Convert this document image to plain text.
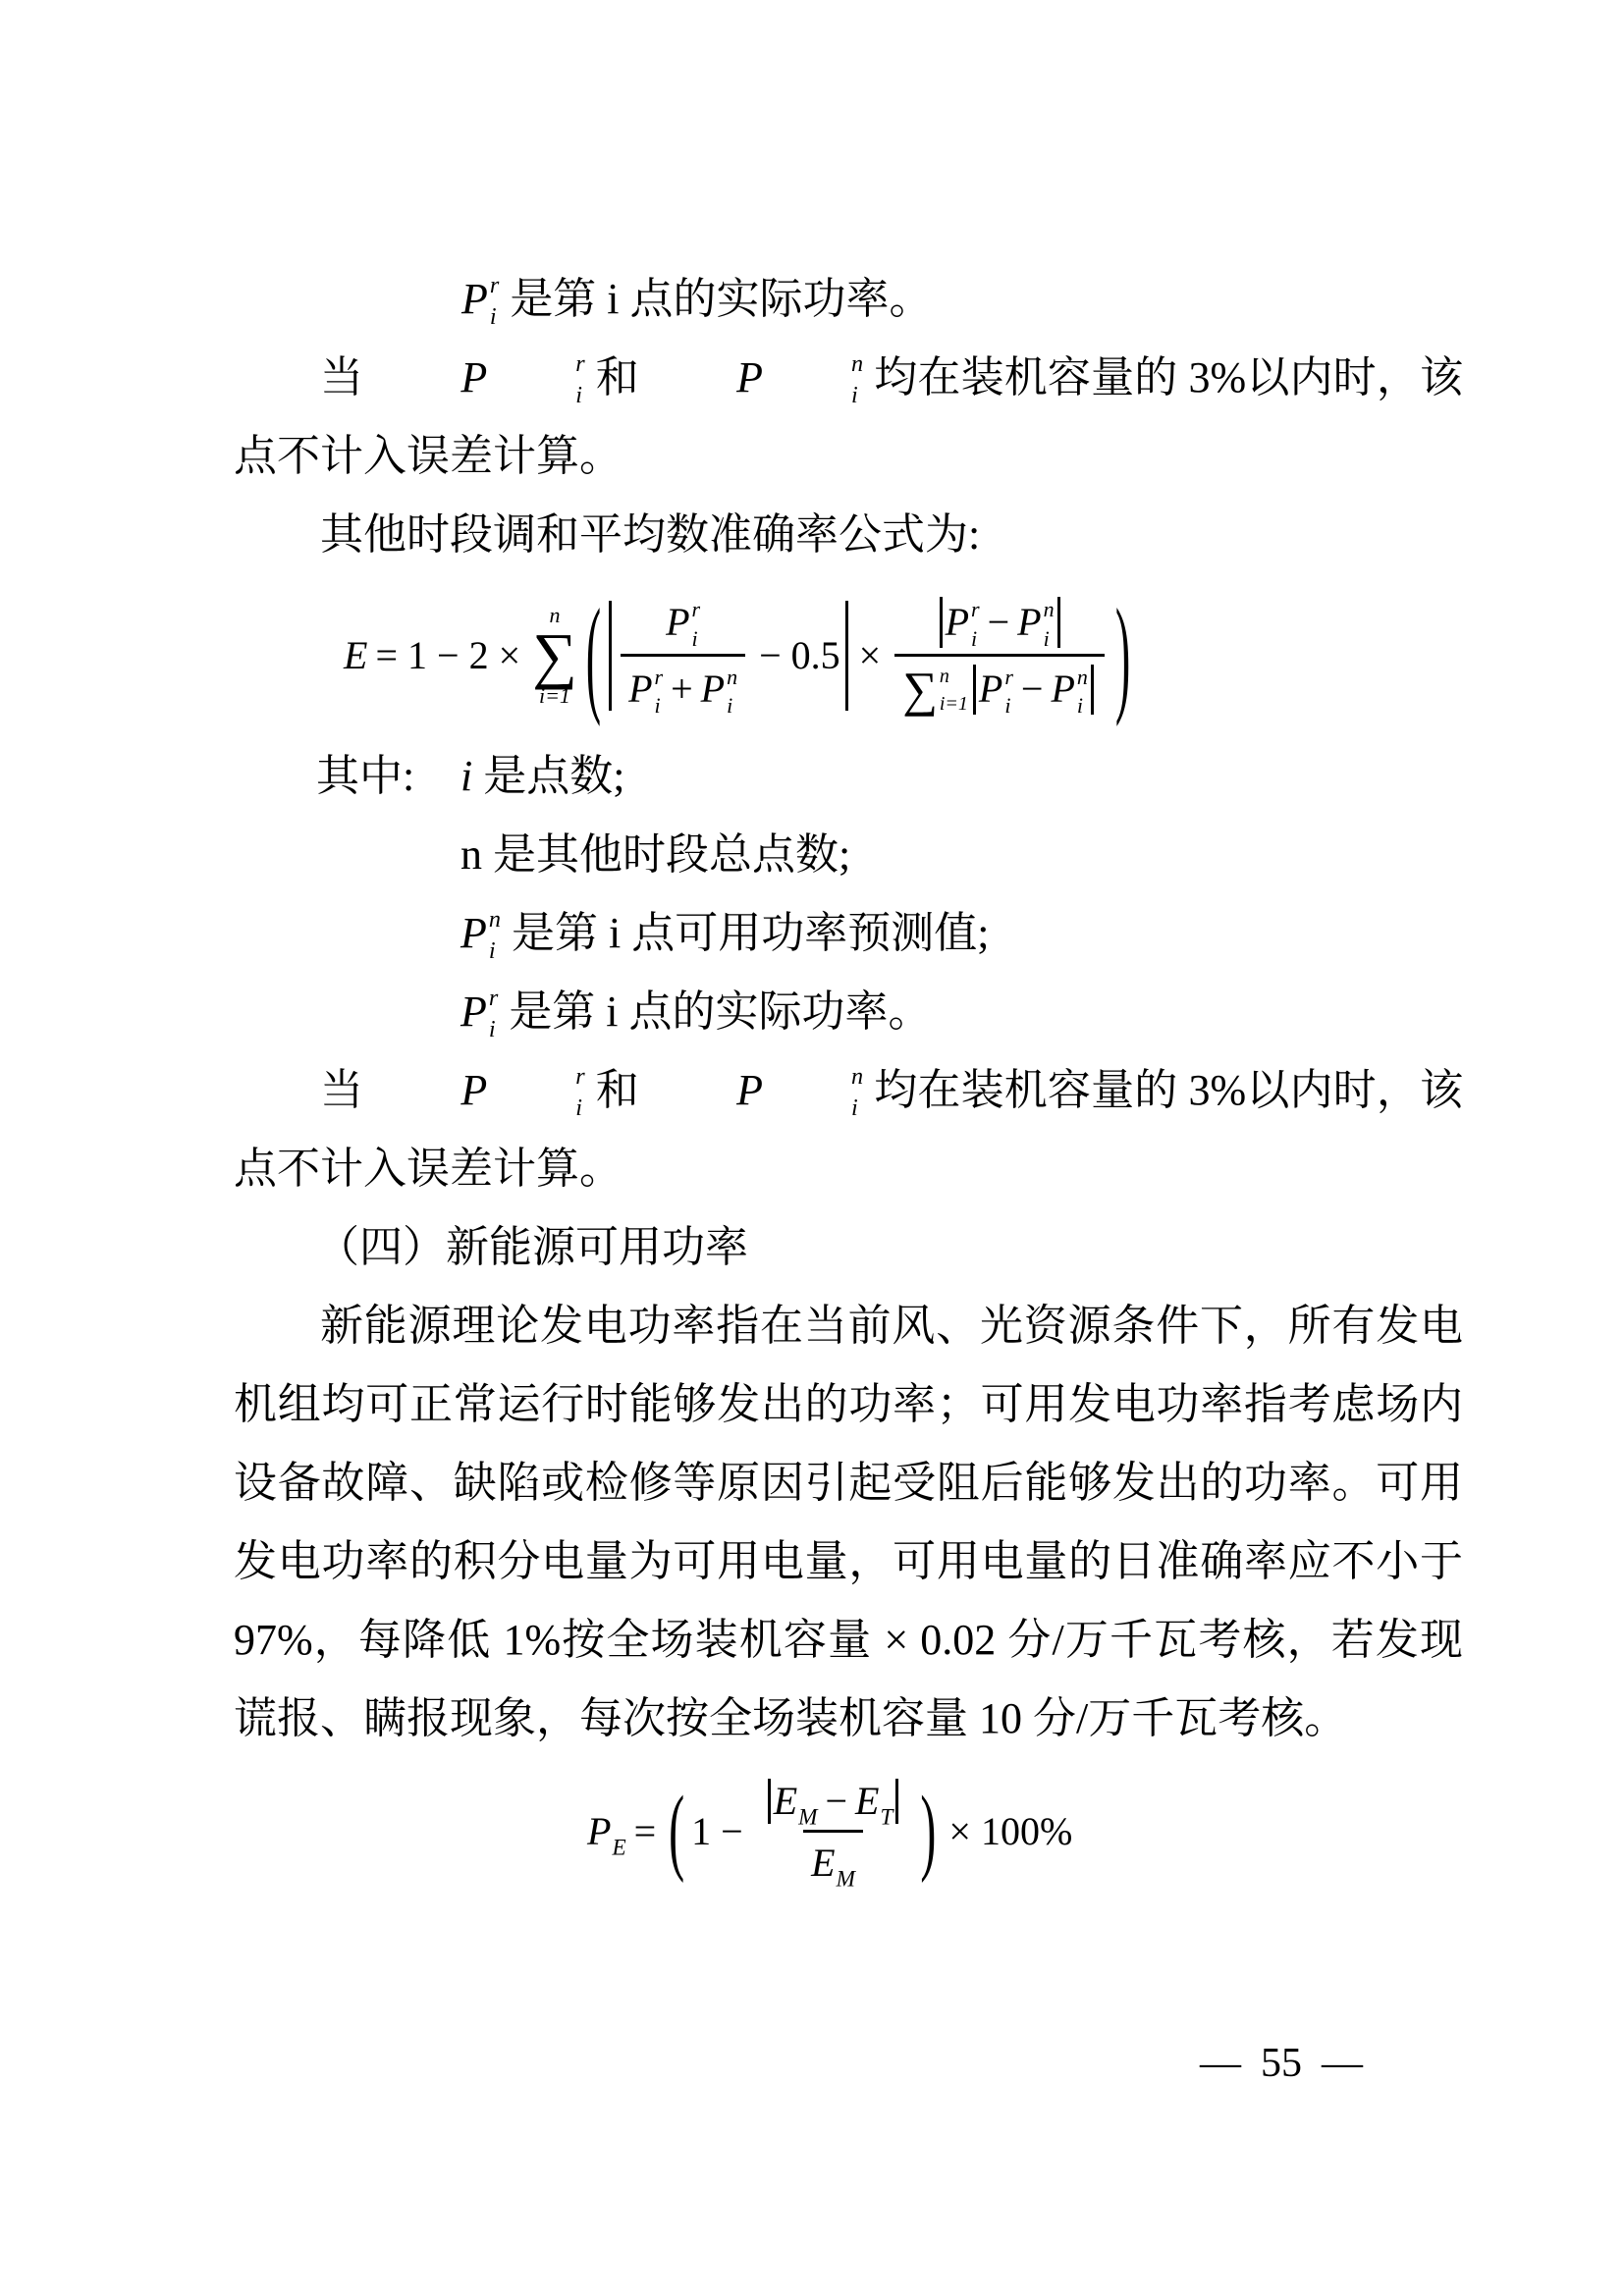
P r
i 是第 i 点的实际功率。

当	P	r
i 和	P	n
i 均在装机容量的 3%以内时，该点不计入误差计算。

其他时段调和平均数准确率公式为:

E = 1 − 2 ×
n
∑
i=1 ( P r
i
P r
i + P n
i − 0.5 × P r
i − P n
i
∑ n
i=1 P r
i − P n
i )
其中: i 是点数;
n 是其他时段总点数;
P n
i 是第 i 点可用功率预测值;
P r
i 是第 i 点的实际功率。

当	P	r
i 和	P	n
i 均在装机容量的 3%以内时，该点不计入误差计算。

（四）新能源可用功率

新能源理论发电功率指在当前风、光资源条件下，所有发电机组均可正常运行时能够发出的功率；可用发电功率指考虑场内设备故障、缺陷或检修等原因引起受阻后能够发出的功率。可用发电功率的积分电量为可用电量，可用电量的日准确率应不小于 97%，每降低 1%按全场装机容量 × 0.02 分/万千瓦考核，若发现谎报、瞒报现象，每次按全场装机容量 10 分/万千瓦考核。

PE = ( $1 - \frac{EM - ET}{EM}$ ) × 100%
— 55 —
